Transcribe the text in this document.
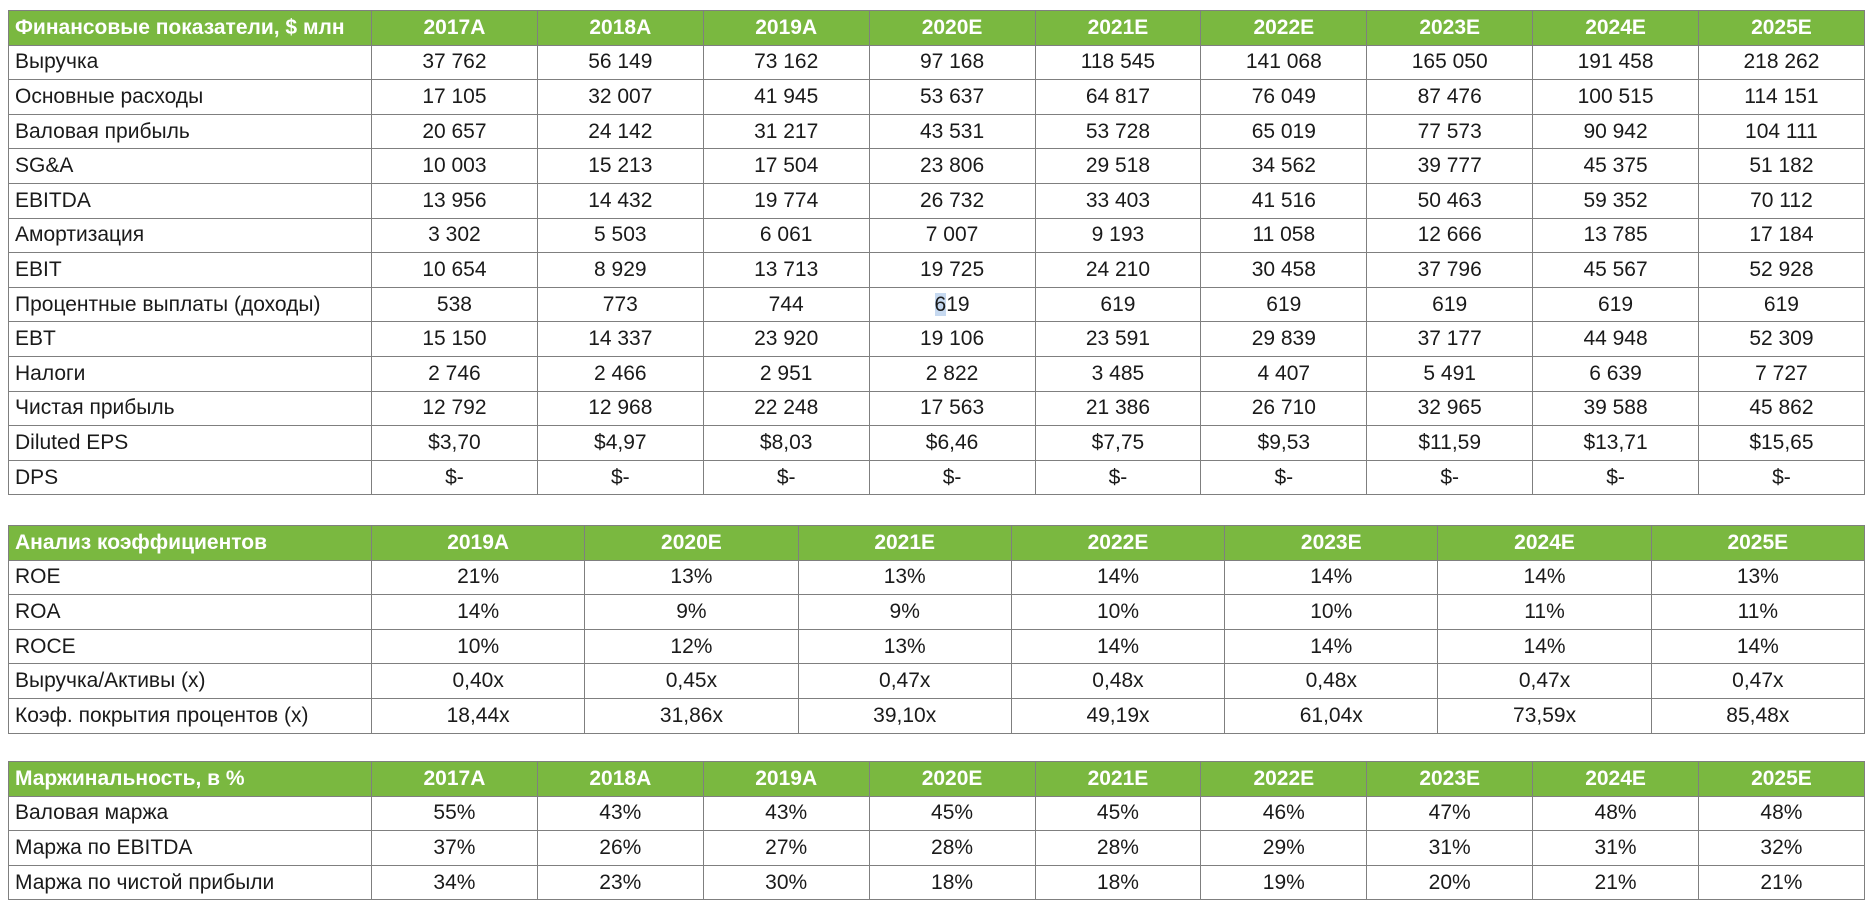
Финансовые показатели, $ млн	2017A	2018A	2019A	2020E	2021E	2022E	2023E	2024E	2025E
Выручка	37 762	56 149	73 162	97 168	118 545	141 068	165 050	191 458	218 262
Основные расходы	17 105	32 007	41 945	53 637	64 817	76 049	87 476	100 515	114 151
Валовая прибыль	20 657	24 142	31 217	43 531	53 728	65 019	77 573	90 942	104 111
SG&A	10 003	15 213	17 504	23 806	29 518	34 562	39 777	45 375	51 182
EBITDA	13 956	14 432	19 774	26 732	33 403	41 516	50 463	59 352	70 112
Амортизация	3 302	5 503	6 061	7 007	9 193	11 058	12 666	13 785	17 184
EBIT	10 654	8 929	13 713	19 725	24 210	30 458	37 796	45 567	52 928
Процентные выплаты (доходы)	538	773	744	619	619	619	619	619	619
EBT	15 150	14 337	23 920	19 106	23 591	29 839	37 177	44 948	52 309
Налоги	2 746	2 466	2 951	2 822	3 485	4 407	5 491	6 639	7 727
Чистая прибыль	12 792	12 968	22 248	17 563	21 386	26 710	32 965	39 588	45 862
Diluted EPS	$3,70	$4,97	$8,03	$6,46	$7,75	$9,53	$11,59	$13,71	$15,65
DPS	$-	$-	$-	$-	$-	$-	$-	$-	$-
Анализ коэффициентов	2019A	2020E	2021E	2022E	2023E	2024E	2025E
ROE	21%	13%	13%	14%	14%	14%	13%
ROA	14%	9%	9%	10%	10%	11%	11%
ROCE	10%	12%	13%	14%	14%	14%	14%
Выручка/Активы (x)	0,40x	0,45x	0,47x	0,48x	0,48x	0,47x	0,47x
Коэф. покрытия процентов (x)	18,44x	31,86x	39,10x	49,19x	61,04x	73,59x	85,48x
Маржинальность, в %	2017A	2018A	2019A	2020E	2021E	2022E	2023E	2024E	2025E
Валовая маржа	55%	43%	43%	45%	45%	46%	47%	48%	48%
Маржа по EBITDA	37%	26%	27%	28%	28%	29%	31%	31%	32%
Маржа по чистой прибыли	34%	23%	30%	18%	18%	19%	20%	21%	21%
